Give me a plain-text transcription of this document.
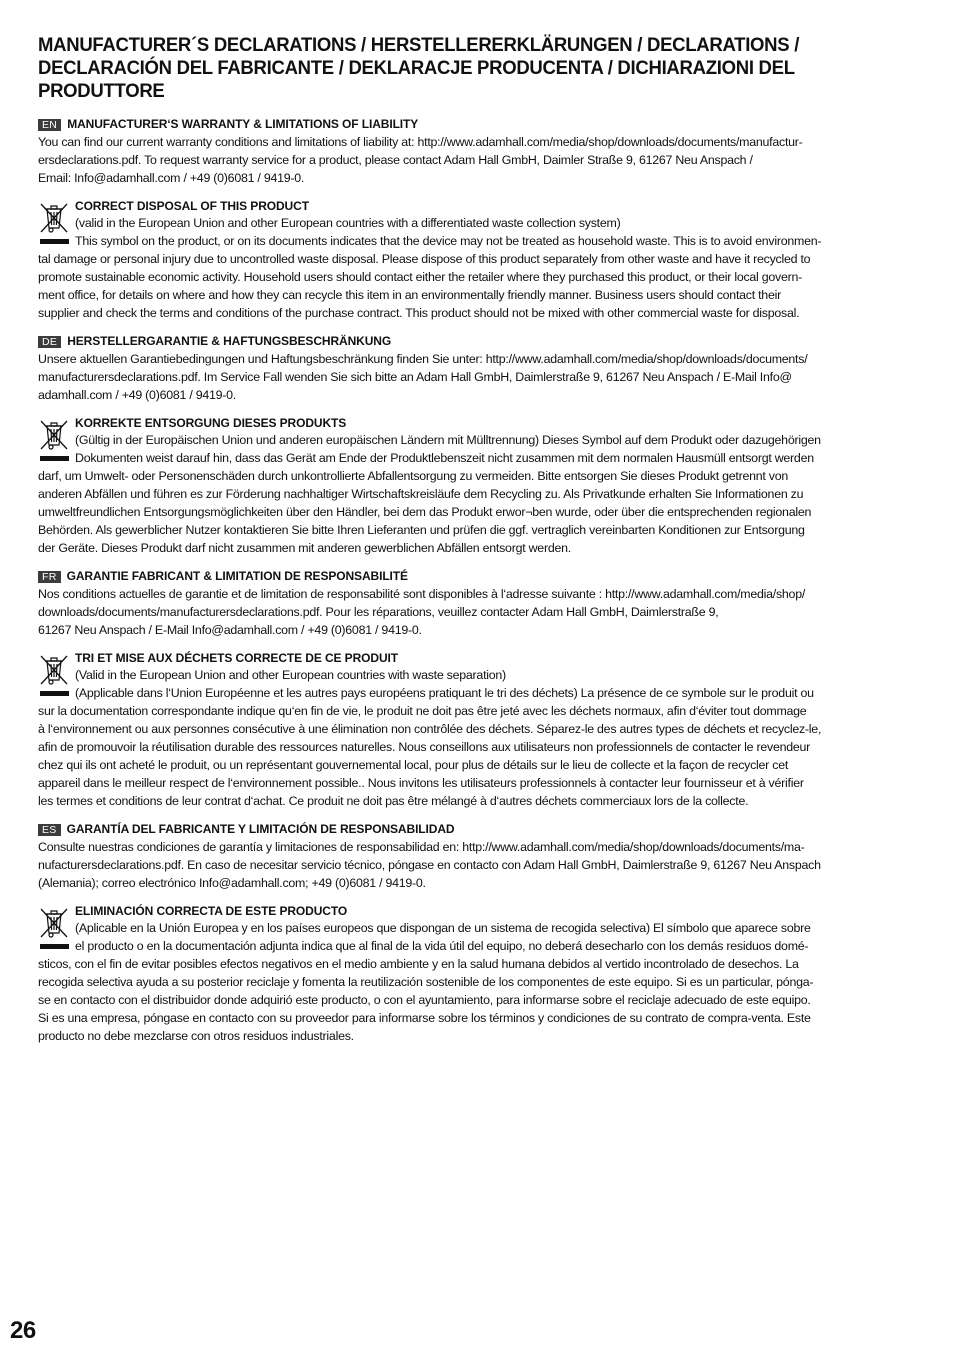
MANUFACTURER´S DECLARATIONS / HERSTELLERERKLÄRUNGEN / DECLARATIONS /
DECLARACIÓN DEL FABRICANTE / DEKLARACJE PRODUCENTA / DICHIARAZIONI DEL PRODUTTORE
EN MANUFACTURER‘S WARRANTY & LIMITATIONS OF LIABILITY

You can find our current warranty conditions and limitations of liability at: http://www.adamhall.com/media/shop/downloads/documents/manufactur-
ersdeclarations.pdf. To request warranty service for a product, please contact Adam Hall GmbH, Daimler Straße 9, 61267 Neu Anspach /
Email: Info@adamhall.com / +49 (0)6081 / 9419-0.

CORRECT DISPOSAL OF THIS PRODUCT

(valid in the European Union and other European countries with a differentiated waste collection system)

This symbol on the product, or on its documents indicates that the device may not be treated as household waste. This is to avoid environmen-

tal damage or personal injury due to uncontrolled waste disposal. Please dispose of this product separately from other waste and have it recycled to
promote sustainable economic activity. Household users should contact either the retailer where they purchased this product, or their local govern-
ment office, for details on where and how they can recycle this item in an environmentally friendly manner. Business users should contact their
supplier and check the terms and conditions of the purchase contract. This product should not be mixed with other commercial waste for disposal.

DE HERSTELLERGARANTIE & HAFTUNGSBESCHRÄNKUNG

Unsere aktuellen Garantiebedingungen und Haftungsbeschränkung finden Sie unter: http://www.adamhall.com/media/shop/downloads/documents/
manufacturersdeclarations.pdf. Im Service Fall wenden Sie sich bitte an Adam Hall GmbH, Daimlerstraße 9, 61267 Neu Anspach / E-Mail Info@
adamhall.com / +49 (0)6081 / 9419-0.

KORREKTE ENTSORGUNG DIESES PRODUKTS

(Gültig in der Europäischen Union und anderen europäischen Ländern mit Mülltrennung) Dieses Symbol auf dem Produkt oder dazugehörigen

Dokumenten weist darauf hin, dass das Gerät am Ende der Produktlebenszeit nicht zusammen mit dem normalen Hausmüll entsorgt werden

darf, um Umwelt- oder Personenschäden durch unkontrollierte Abfallentsorgung zu vermeiden. Bitte entsorgen Sie dieses Produkt getrennt von
anderen Abfällen und führen es zur Förderung nachhaltiger Wirtschaftskreisläufe dem Recycling zu. Als Privatkunde erhalten Sie Informationen zu
umweltfreundlichen Entsorgungsmöglichkeiten über den Händler, bei dem das Produkt erwor¬ben wurde, oder über die entsprechenden regionalen
Behörden. Als gewerblicher Nutzer kontaktieren Sie bitte Ihren Lieferanten und prüfen die ggf. vertraglich vereinbarten Konditionen zur Entsorgung
der Geräte. Dieses Produkt darf nicht zusammen mit anderen gewerblichen Abfällen entsorgt werden.

FR GARANTIE FABRICANT & LIMITATION DE RESPONSABILITÉ

Nos conditions actuelles de garantie et de limitation de responsabilité sont disponibles à l‘adresse suivante : http://www.adamhall.com/media/shop/
downloads/documents/manufacturersdeclarations.pdf. Pour les réparations, veuillez contacter Adam Hall GmbH, Daimlerstraße 9,
61267 Neu Anspach / E-Mail Info@adamhall.com / +49 (0)6081 / 9419-0.

TRI ET MISE AUX DÉCHETS CORRECTE DE CE PRODUIT

(Valid in the European Union and other European countries with waste separation)

(Applicable dans l‘Union Européenne et les autres pays européens pratiquant le tri des déchets) La présence de ce symbole sur le produit ou

sur la documentation correspondante indique qu‘en fin de vie, le produit ne doit pas être jeté avec les déchets normaux, afin d‘éviter tout dommage
à l‘environnement ou aux personnes consécutive à une élimination non contrôlée des déchets. Séparez-le des autres types de déchets et recyclez-le,
afin de promouvoir la réutilisation durable des ressources naturelles. Nous conseillons aux utilisateurs non professionnels de contacter le revendeur
chez qui ils ont acheté le produit, ou un représentant gouvernemental local, pour plus de détails sur le lieu de collecte et la façon de recycler cet
appareil dans le meilleur respect de l‘environnement possible.. Nous invitons les utilisateurs professionnels à contacter leur fournisseur et à vérifier
les termes et conditions de leur contrat d‘achat. Ce produit ne doit pas être mélangé à d‘autres déchets commerciaux lors de la collecte.

ES GARANTÍA DEL FABRICANTE Y LIMITACIÓN DE RESPONSABILIDAD

Consulte nuestras condiciones de garantía y limitaciones de responsabilidad en: http://www.adamhall.com/media/shop/downloads/documents/ma-
nufacturersdeclarations.pdf. En caso de necesitar servicio técnico, póngase en contacto con Adam Hall GmbH, Daimlerstraße 9, 61267 Neu Anspach
(Alemania); correo electrónico Info@adamhall.com; +49 (0)6081 / 9419-0.

ELIMINACIÓN CORRECTA DE ESTE PRODUCTO

(Aplicable en la Unión Europea y en los países europeos que dispongan de un sistema de recogida selectiva) El símbolo que aparece sobre

el producto o en la documentación adjunta indica que al final de la vida útil del equipo, no deberá desecharlo con los demás residuos domé-

sticos, con el fin de evitar posibles efectos negativos en el medio ambiente y en la salud humana debidos al vertido incontrolado de desechos. La
recogida selectiva ayuda a su posterior reciclaje y fomenta la reutilización sostenible de los componentes de este equipo. Si es un particular, pónga-
se en contacto con el distribuidor donde adquirió este producto, o con el ayuntamiento, para informarse sobre el reciclaje adecuado de este equipo.
Si es una empresa, póngase en contacto con su proveedor para informarse sobre los términos y condiciones de su contrato de compra-venta. Este
producto no debe mezclarse con otros residuos industriales.

26
